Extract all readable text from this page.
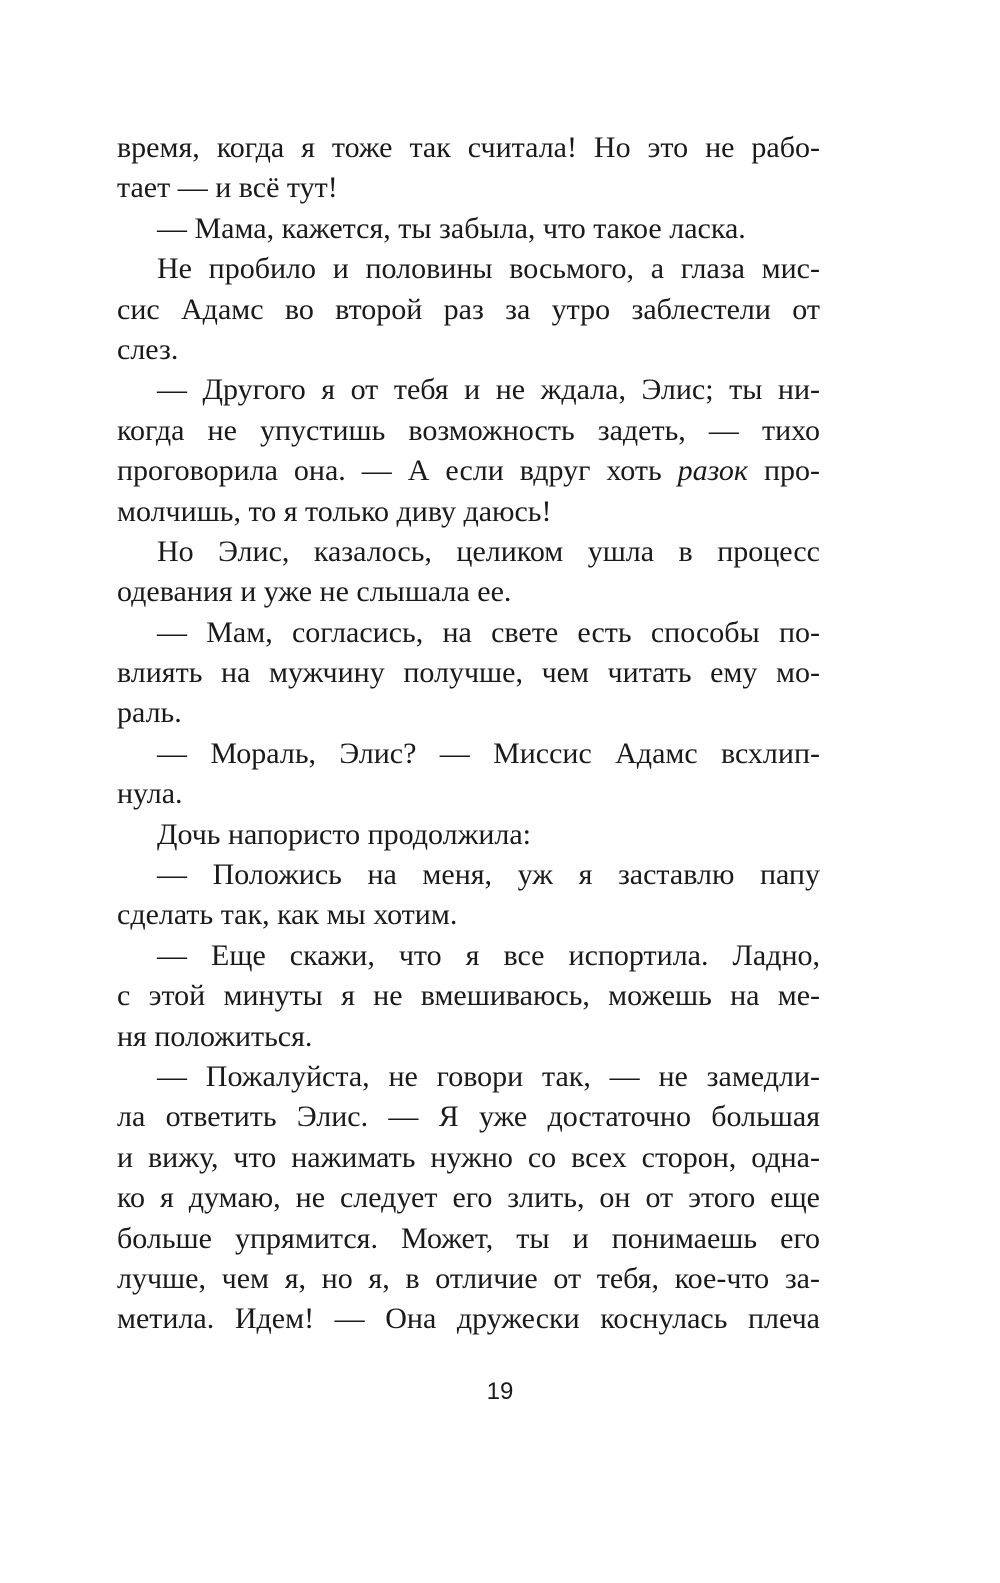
время, когда я тоже так считала! Но это не рабо-
тает — и всё тут!
— Мама, кажется, ты забыла, что такое ласка.
Не пробило и половины восьмого, а глаза мис-
сис Адамс во второй раз за утро заблестели от
слез.
— Другого я от тебя и не ждала, Элис; ты ни-
когда не упустишь возможность задеть, — тихо
проговорила она. — А если вдруг хоть разок про-
молчишь, то я только диву даюсь!
Но Элис, казалось, целиком ушла в процесс
одевания и уже не слышала ее.
— Мам, согласись, на свете есть способы по-
влиять на мужчину получше, чем читать ему мо-
раль.
— Мораль, Элис? — Миссис Адамс всхлип-
нула.
Дочь напористо продолжила:
— Положись на меня, уж я заставлю папу
сделать так, как мы хотим.
— Еще скажи, что я все испортила. Ладно,
с этой минуты я не вмешиваюсь, можешь на ме-
ня положиться.
— Пожалуйста, не говори так, — не замедли-
ла ответить Элис. — Я уже достаточно большая
и вижу, что нажимать нужно со всех сторон, одна-
ко я думаю, не следует его злить, он от этого еще
больше упрямится. Может, ты и понимаешь его
лучше, чем я, но я, в отличие от тебя, кое-что за-
метила. Идем! — Она дружески коснулась плеча
19
